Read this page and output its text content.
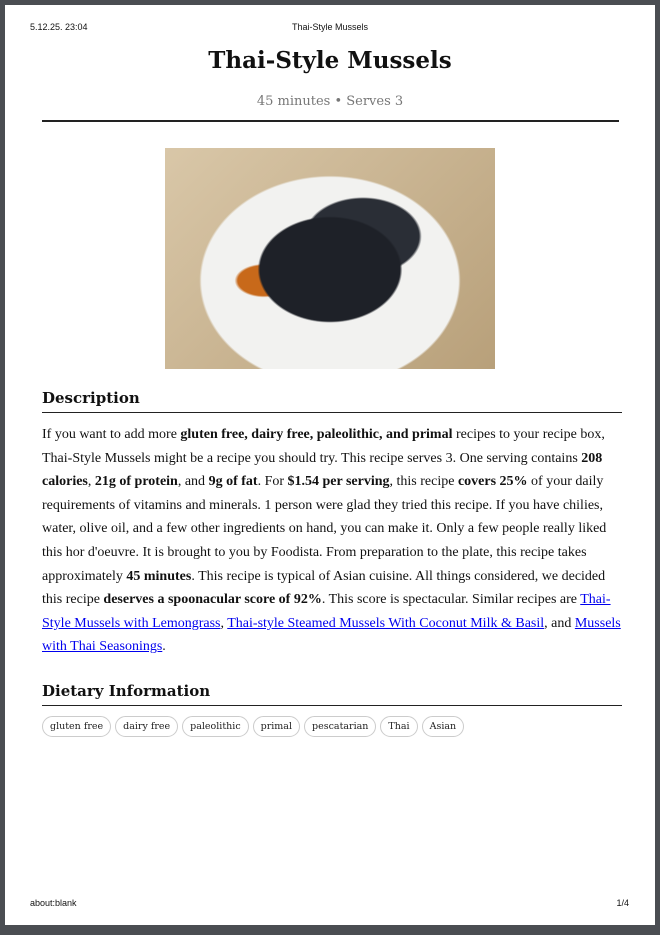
5.12.25. 23:04	Thai-Style Mussels
Thai-Style Mussels
45 minutes • Serves 3
Description
If you want to add more gluten free, dairy free, paleolithic, and primal recipes to your recipe box, Thai-Style Mussels might be a recipe you should try. This recipe serves 3. One serving contains 208 calories, 21g of protein, and 9g of fat. For $1.54 per serving, this recipe covers 25% of your daily requirements of vitamins and minerals. 1 person were glad they tried this recipe. If you have chilies, water, olive oil, and a few other ingredients on hand, you can make it. Only a few people really liked this hor d'oeuvre. It is brought to you by Foodista. From preparation to the plate, this recipe takes approximately 45 minutes. This recipe is typical of Asian cuisine. All things considered, we decided this recipe deserves a spoonacular score of 92%. This score is spectacular. Similar recipes are Thai-Style Mussels with Lemongrass, Thai-style Steamed Mussels With Coconut Milk & Basil, and Mussels with Thai Seasonings.
Dietary Information
gluten free	dairy free	paleolithic	primal	pescatarian	Thai	Asian
about:blank	1/4
